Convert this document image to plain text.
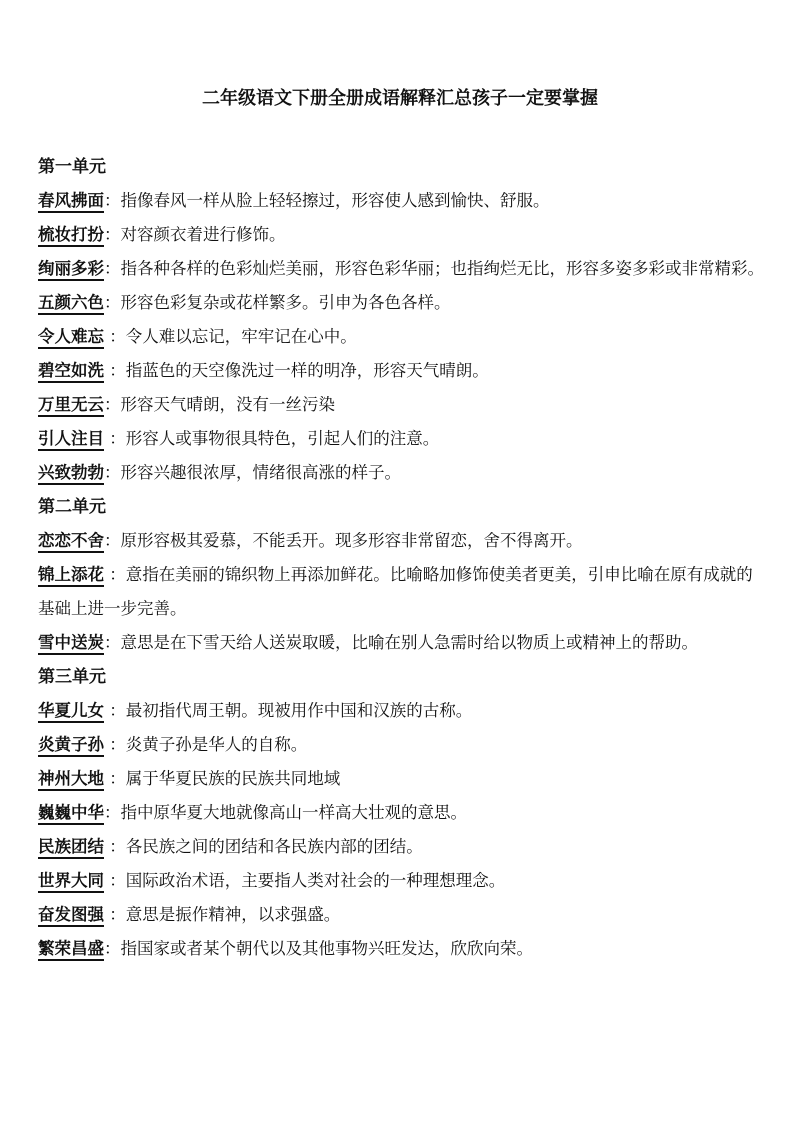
二年级语文下册全册成语解释汇总孩子一定要掌握
第一单元
春风拂面：指像春风一样从脸上轻轻擦过，形容使人感到愉快、舒服。
梳妆打扮：对容颜衣着进行修饰。
绚丽多彩：指各种各样的色彩灿烂美丽，形容色彩华丽；也指绚烂无比，形容多姿多彩或非常精彩。
五颜六色：形容色彩复杂或花样繁多。引申为各色各样。
令人难忘 ：令人难以忘记，牢牢记在心中。
碧空如洗 ：指蓝色的天空像洗过一样的明净，形容天气晴朗。
万里无云：形容天气晴朗，没有一丝污染
引人注目 ：形容人或事物很具特色，引起人们的注意。
兴致勃勃：形容兴趣很浓厚，情绪很高涨的样子。
第二单元
恋恋不舍：原形容极其爱慕，不能丢开。现多形容非常留恋，舍不得离开。
锦上添花 ：意指在美丽的锦织物上再添加鲜花。比喻略加修饰使美者更美，引申比喻在原有成就的基础上进一步完善。
雪中送炭：意思是在下雪天给人送炭取暖，比喻在别人急需时给以物质上或精神上的帮助。
第三单元
华夏儿女 ：最初指代周王朝。现被用作中国和汉族的古称。
炎黄子孙 ：炎黄子孙是华人的自称。
神州大地 ：属于华夏民族的民族共同地域
巍巍中华：指中原华夏大地就像高山一样高大壮观的意思。
民族团结 ：各民族之间的团结和各民族内部的团结。
世界大同 ：国际政治术语，主要指人类对社会的一种理想理念。
奋发图强 ：意思是振作精神，以求强盛。
繁荣昌盛：指国家或者某个朝代以及其他事物兴旺发达，欣欣向荣。
